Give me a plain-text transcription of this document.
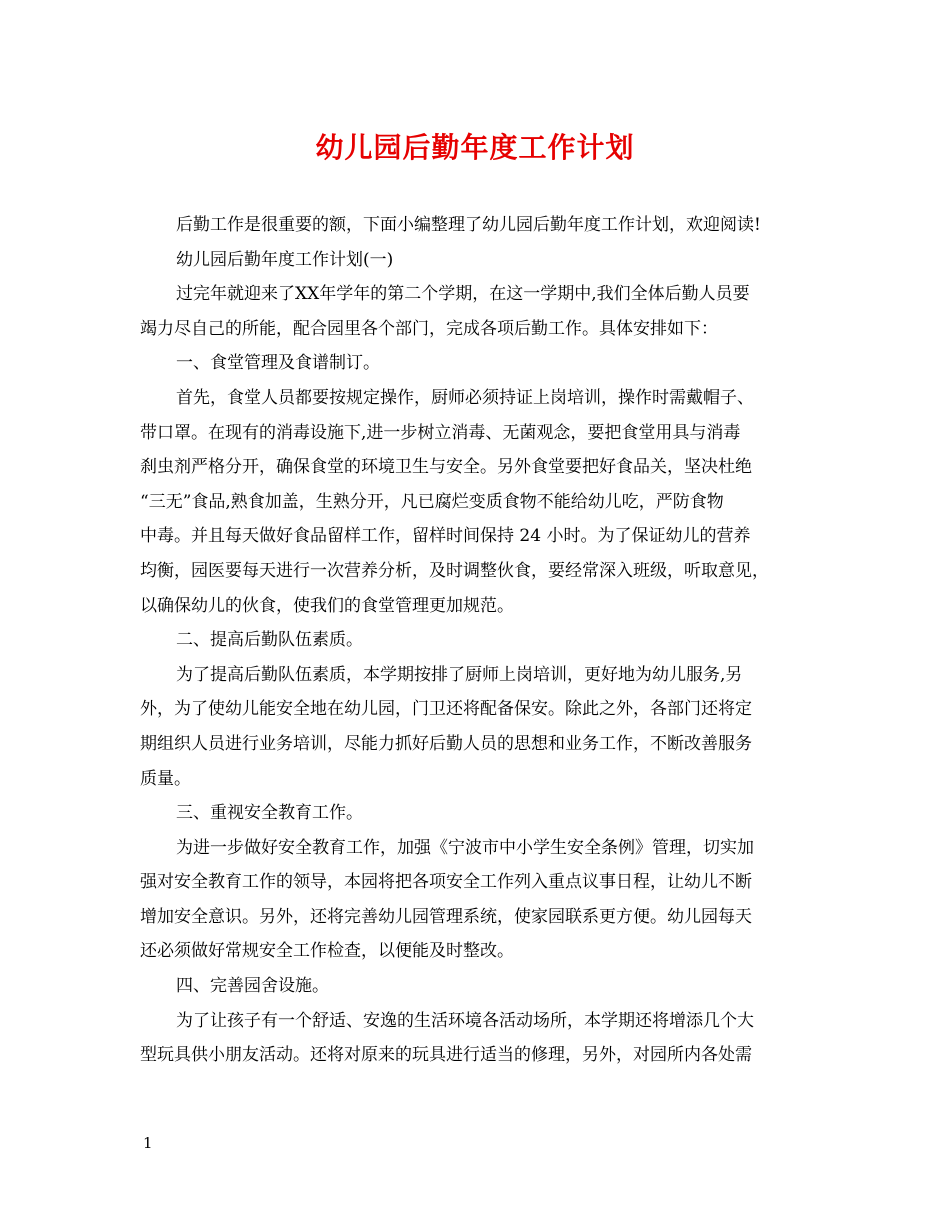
幼儿园后勤年度工作计划
后勤工作是很重要的额，下面小编整理了幼儿园后勤年度工作计划，欢迎阅读!
幼儿园后勤年度工作计划(一)
过完年就迎来了XX年学年的第二个学期，在这一学期中,我们全体后勤人员要
竭力尽自己的所能，配合园里各个部门，完成各项后勤工作。具体安排如下：
一、食堂管理及食谱制订。
首先，食堂人员都要按规定操作，厨师必须持证上岗培训，操作时需戴帽子、
带口罩。在现有的消毒设施下,进一步树立消毒、无菌观念，要把食堂用具与消毒
刹虫剂严格分开，确保食堂的环境卫生与安全。另外食堂要把好食品关，坚决杜绝
“三无”食品,熟食加盖，生熟分开，凡已腐烂变质食物不能给幼儿吃，严防食物
中毒。并且每天做好食品留样工作，留样时间保持 24 小时。为了保证幼儿的营养
均衡，园医要每天进行一次营养分析，及时调整伙食，要经常深入班级，听取意见，
以确保幼儿的伙食，使我们的食堂管理更加规范。
二、提高后勤队伍素质。
为了提高后勤队伍素质，本学期按排了厨师上岗培训，更好地为幼儿服务,另
外，为了使幼儿能安全地在幼儿园，门卫还将配备保安。除此之外，各部门还将定
期组织人员进行业务培训，尽能力抓好后勤人员的思想和业务工作，不断改善服务
质量。
三、重视安全教育工作。
为进一步做好安全教育工作，加强《宁波市中小学生安全条例》管理，切实加
强对安全教育工作的领导，本园将把各项安全工作列入重点议事日程，让幼儿不断
增加安全意识。另外，还将完善幼儿园管理系统，使家园联系更方便。幼儿园每天
还必须做好常规安全工作检查，以便能及时整改。
四、完善园舍设施。
为了让孩子有一个舒适、安逸的生活环境各活动场所，本学期还将增添几个大
型玩具供小朋友活动。还将对原来的玩具进行适当的修理，另外，对园所内各处需
1
